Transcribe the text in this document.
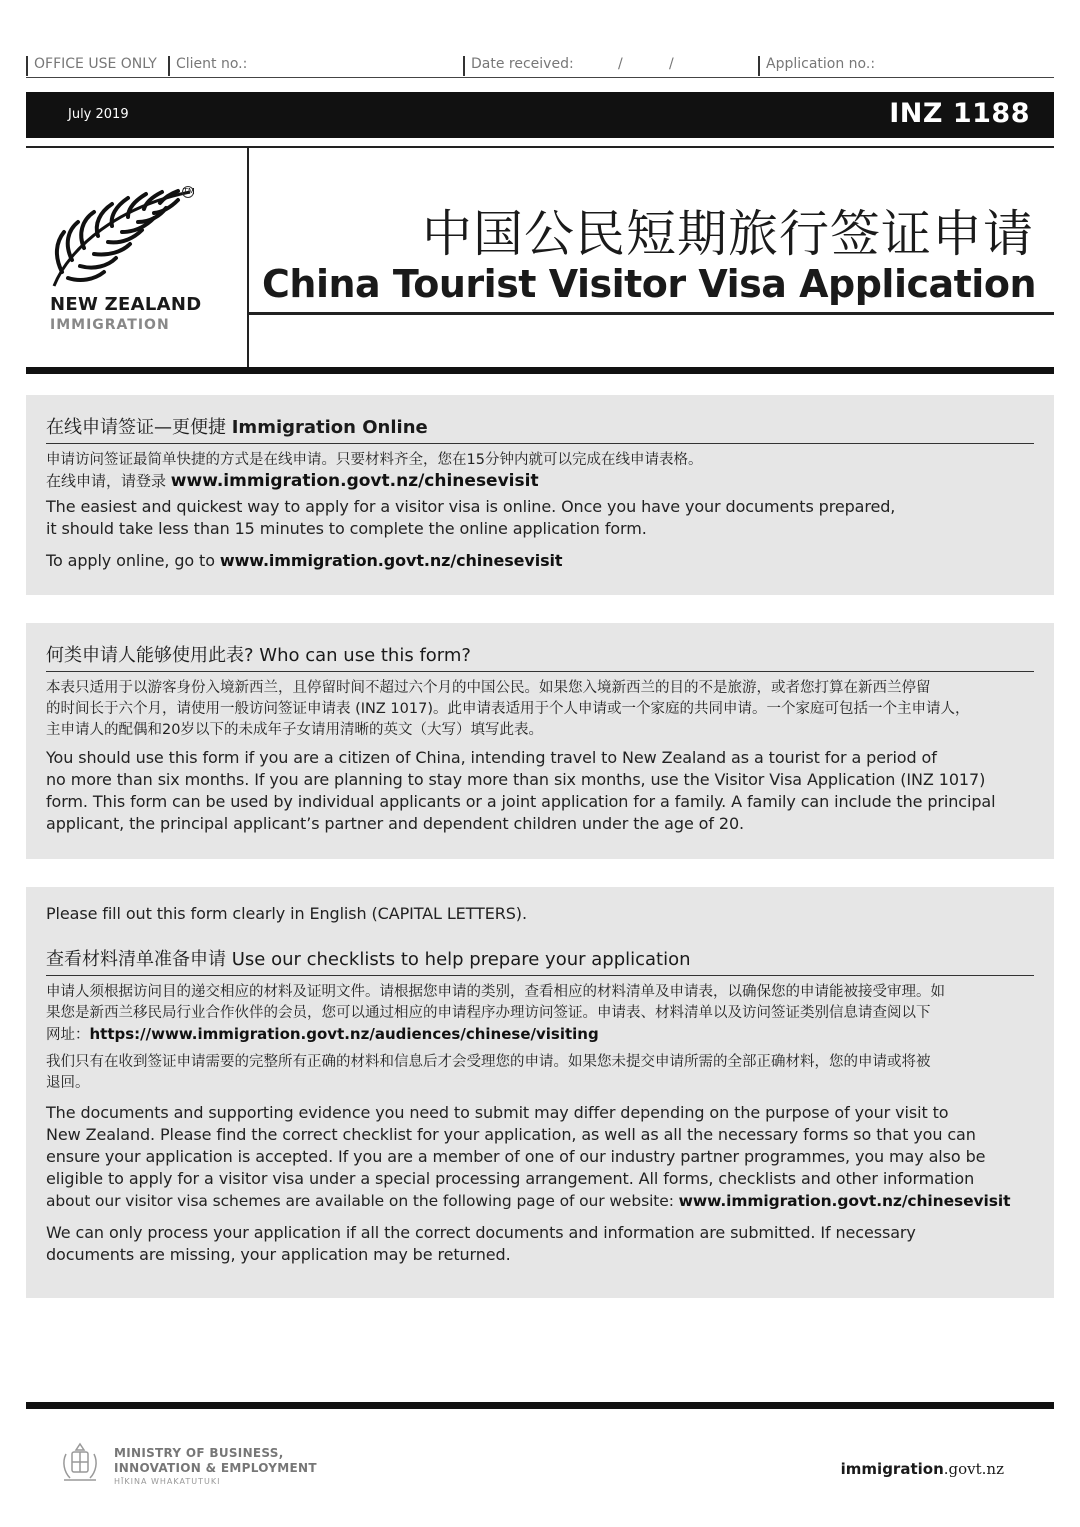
OFFICE USE ONLY	Client no.:	Date received:	/	/	Application no.:
July 2019	INZ 1188
TM
NEW ZEALAND
IMMIGRATION
中国公民短期旅行签证申请
China Tourist Visitor Visa Application
在线申请签证—更便捷 Immigration Online
申请访问签证最简单快捷的方式是在线申请。只要材料齐全，您在15分钟内就可以完成在线申请表格。
在线申请，请登录 www.immigration.govt.nz/chinesevisit
The easiest and quickest way to apply for a visitor visa is online. Once you have your documents prepared,
it should take less than 15 minutes to complete the online application form.
To apply online, go to www.immigration.govt.nz/chinesevisit
何类申请人能够使用此表? Who can use this form?
本表只适用于以游客身份入境新西兰，且停留时间不超过六个月的中国公民。如果您入境新西兰的目的不是旅游，或者您打算在新西兰停留
的时间长于六个月，请使用一般访问签证申请表 (INZ 1017)。此申请表适用于个人申请或一个家庭的共同申请。一个家庭可包括一个主申请人，
主申请人的配偶和20岁以下的未成年子女请用清晰的英文（大写）填写此表。
You should use this form if you are a citizen of China, intending travel to New Zealand as a tourist for a period of
no more than six months. If you are planning to stay more than six months, use the Visitor Visa Application (INZ 1017)
form. This form can be used by individual applicants or a joint application for a family. A family can include the principal
applicant, the principal applicant’s partner and dependent children under the age of 20.
Please fill out this form clearly in English (CAPITAL LETTERS).
查看材料清单准备申请 Use our checklists to help prepare your application
申请人须根据访问目的递交相应的材料及证明文件。请根据您申请的类别，查看相应的材料清单及申请表，以确保您的申请能被接受审理。如
果您是新西兰移民局行业合作伙伴的会员，您可以通过相应的申请程序办理访问签证。申请表、材料清单以及访问签证类别信息请查阅以下
网址：https://www.immigration.govt.nz/audiences/chinese/visiting
我们只有在收到签证申请需要的完整所有正确的材料和信息后才会受理您的申请。如果您未提交申请所需的全部正确材料，您的申请或将被
退回。
The documents and supporting evidence you need to submit may differ depending on the purpose of your visit to
New Zealand. Please find the correct checklist for your application, as well as all the necessary forms so that you can
ensure your application is accepted. If you are a member of one of our industry partner programmes, you may also be
eligible to apply for a visitor visa under a special processing arrangement. All forms, checklists and other information
about our visitor visa schemes are available on the following page of our website: www.immigration.govt.nz/chinesevisit
We can only process your application if all the correct documents and information are submitted. If necessary
documents are missing, your application may be returned.
MINISTRY OF BUSINESS,
INNOVATION & EMPLOYMENT
HĪKINA WHAKATUTUKI
immigration.govt.nz
